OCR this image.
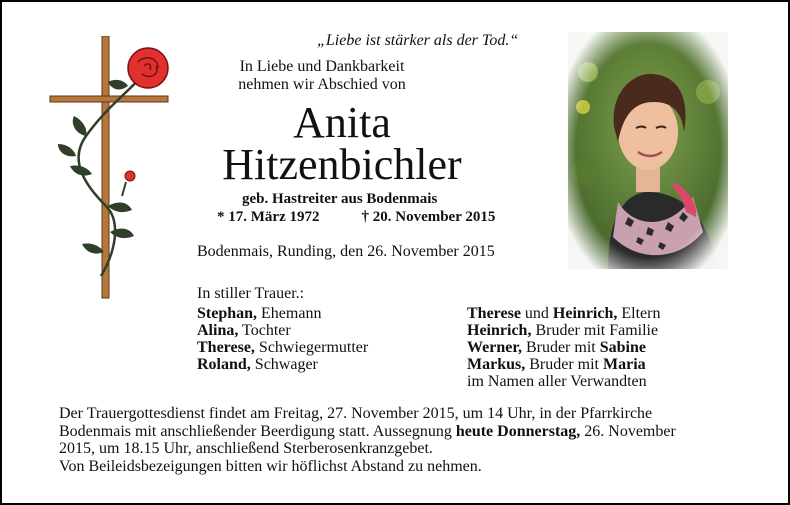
„Liebe ist stärker als der Tod.“
In Liebe und Dankbarkeit nehmen wir Abschied von
Anita
Hitzenbichler
geb. Hastreiter aus Bodenmais
* 17. März 1972	† 20. November 2015
Bodenmais, Runding, den 26. November 2015
In stiller Trauer.:
Stephan, Ehemann
Alina, Tochter
Therese, Schwiegermutter
Roland, Schwager
Therese und Heinrich, Eltern
Heinrich, Bruder mit Familie
Werner, Bruder mit Sabine
Markus, Bruder mit Maria
im Namen aller Verwandten
Der Trauergottesdienst findet am Freitag, 27. November 2015, um 14 Uhr, in der Pfarrkirche
Bodenmais mit anschließender Beerdigung statt. Aussegnung heute Donnerstag, 26. November
2015, um 18.15 Uhr, anschließend Sterberosenkranzgebet.
Von Beileidsbezeigungen bitten wir höflichst Abstand zu nehmen.
